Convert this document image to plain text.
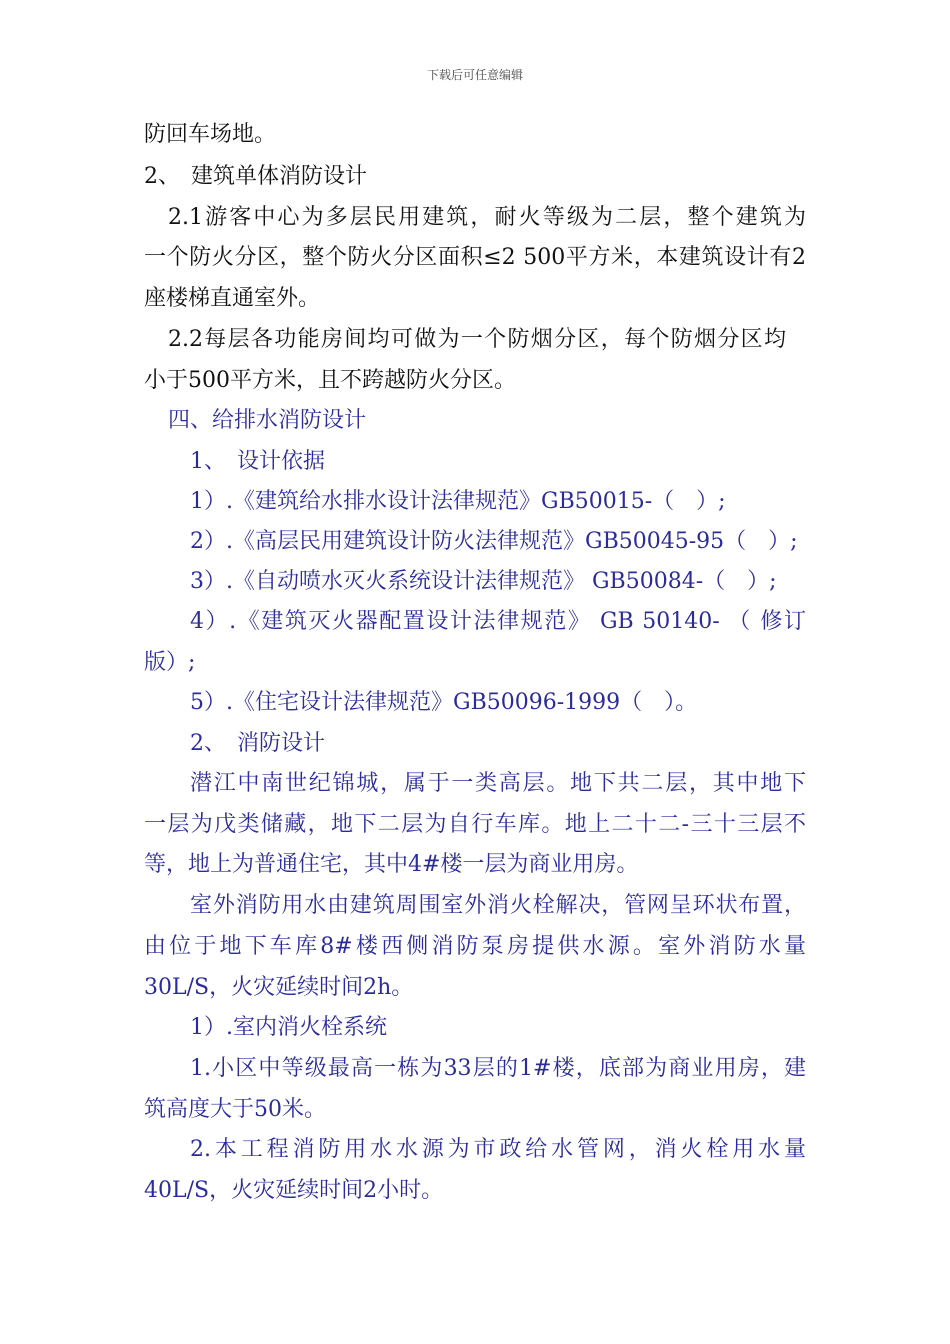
下载后可任意编辑
防回车场地。
2、　建筑单体消防设计
2.1游客中心为多层民用建筑，耐火等级为二层，整个建筑为
一个防火分区，整个防火分区面积≤2 500平方米，本建筑设计有2
座楼梯直通室外。
2.2每层各功能房间均可做为一个防烟分区，每个防烟分区均
小于500平方米，且不跨越防火分区。
四、给排水消防设计
1、　设计依据
1）.《建筑给水排水设计法律规范》GB50015-（　）;
2）.《高层民用建筑设计防火法律规范》GB50045-95（　）;
3）.《自动喷水灭火系统设计法律规范》 GB50084-（　）;
4）.《建筑灭火器配置设计法律规范》 GB 50140- （ 修订
版）;
5）.《住宅设计法律规范》GB50096-1999（　）。
2、　消防设计
潜江中南世纪锦城，属于一类高层。地下共二层，其中地下
一层为戊类储藏，地下二层为自行车库。地上二十二-三十三层不
等，地上为普通住宅，其中4#楼一层为商业用房。
室外消防用水由建筑周围室外消火栓解决，管网呈环状布置，
由位于地下车库8#楼西侧消防泵房提供水源。室外消防水量
30L/S，火灾延续时间2h。
1）.室内消火栓系统
1.小区中等级最高一栋为33层的1#楼，底部为商业用房，建
筑高度大于50米。
2.本工程消防用水水源为市政给水管网，消火栓用水量
40L/S，火灾延续时间2小时。
